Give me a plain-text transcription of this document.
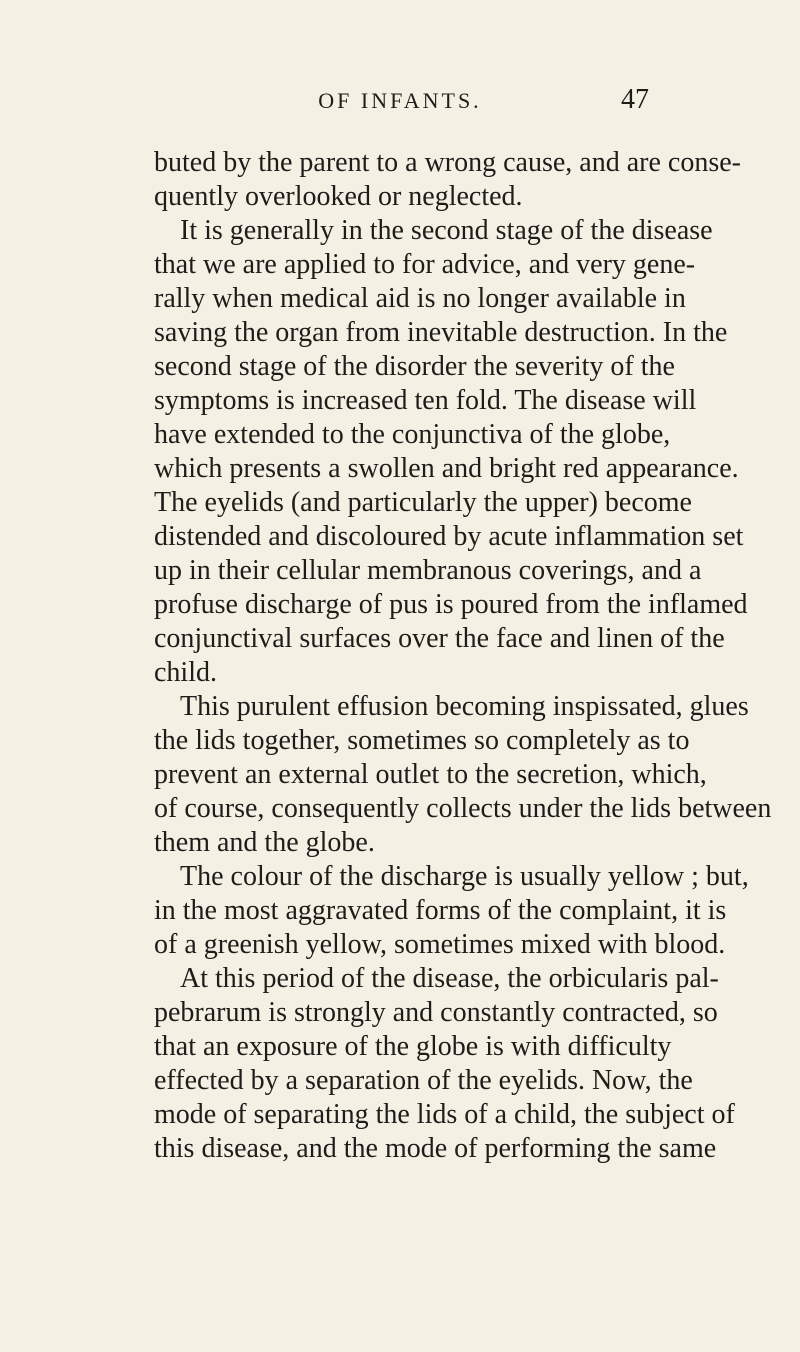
OF INFANTS.	47
buted by the parent to a wrong cause, and are conse-
quently overlooked or neglected.
It is generally in the second stage of the disease
that we are applied to for advice, and very gene-
rally when medical aid is no longer available in
saving the organ from inevitable destruction. In the
second stage of the disorder the severity of the
symptoms is increased ten fold. The disease will
have extended to the conjunctiva of the globe,
which presents a swollen and bright red appearance.
The eyelids (and particularly the upper) become
distended and discoloured by acute inflammation set
up in their cellular membranous coverings, and a
profuse discharge of pus is poured from the inflamed
conjunctival surfaces over the face and linen of the
child.
This purulent effusion becoming inspissated, glues
the lids together, sometimes so completely as to
prevent an external outlet to the secretion, which,
of course, consequently collects under the lids between
them and the globe.
The colour of the discharge is usually yellow ; but,
in the most aggravated forms of the complaint, it is
of a greenish yellow, sometimes mixed with blood.
At this period of the disease, the orbicularis pal-
pebrarum is strongly and constantly contracted, so
that an exposure of the globe is with difficulty
effected by a separation of the eyelids. Now, the
mode of separating the lids of a child, the subject of
this disease, and the mode of performing the same
